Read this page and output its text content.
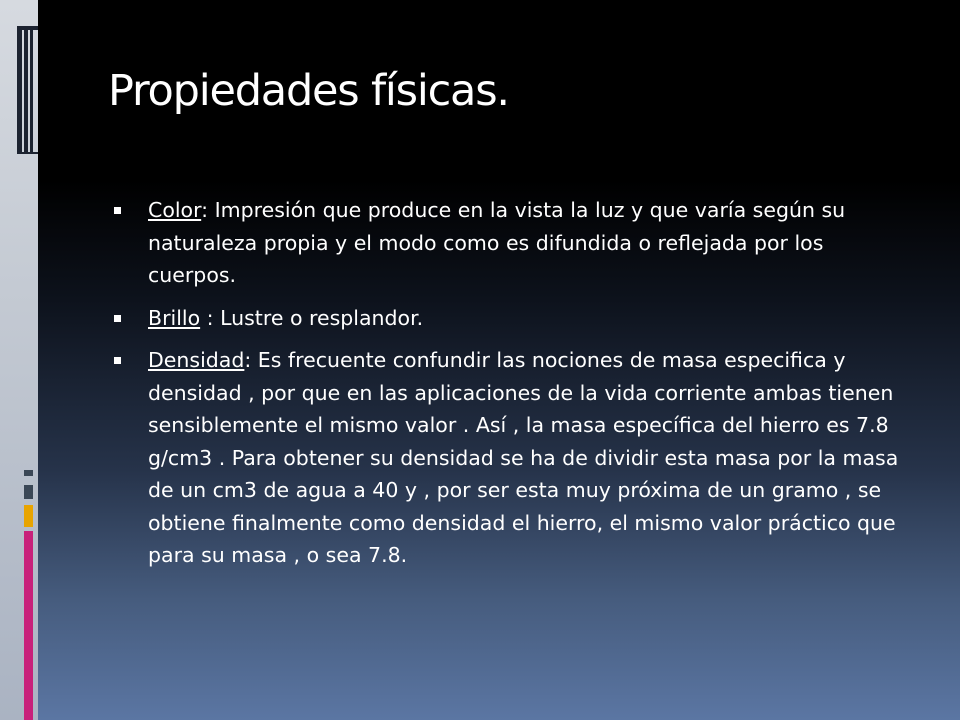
Propiedades físicas.
Color: Impresión que produce en la vista la luz y que varía según su naturaleza propia y el modo como es difundida o reflejada por los cuerpos.
Brillo : Lustre o resplandor.
Densidad: Es frecuente confundir las nociones de masa especifica y densidad , por que en las aplicaciones de la vida corriente ambas tienen sensiblemente el mismo valor . Así , la masa específica del hierro es 7.8 g/cm3 . Para obtener su densidad se ha de dividir esta masa por la masa de un cm3 de agua a 40 y , por ser esta muy próxima de un gramo , se obtiene finalmente como densidad el hierro, el mismo valor práctico que para su masa , o sea 7.8.
